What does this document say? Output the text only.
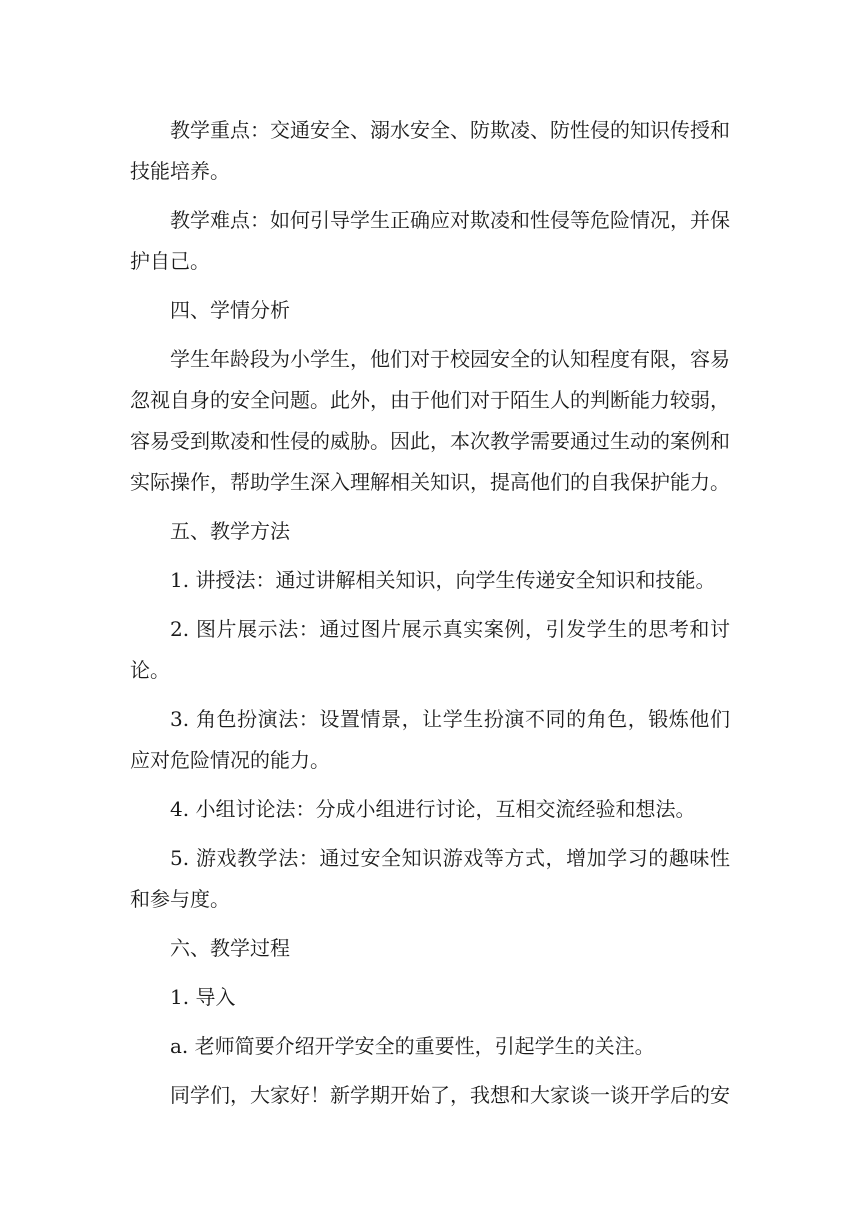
教学重点：交通安全、溺水安全、防欺凌、防性侵的知识传授和技能培养。

教学难点：如何引导学生正确应对欺凌和性侵等危险情况，并保护自己。

四、学情分析

学生年龄段为小学生，他们对于校园安全的认知程度有限，容易忽视自身的安全问题。此外，由于他们对于陌生人的判断能力较弱，容易受到欺凌和性侵的威胁。因此，本次教学需要通过生动的案例和实际操作，帮助学生深入理解相关知识，提高他们的自我保护能力。

五、教学方法

1. 讲授法：通过讲解相关知识，向学生传递安全知识和技能。

2. 图片展示法：通过图片展示真实案例，引发学生的思考和讨论。

3. 角色扮演法：设置情景，让学生扮演不同的角色，锻炼他们应对危险情况的能力。

4. 小组讨论法：分成小组进行讨论，互相交流经验和想法。

5. 游戏教学法：通过安全知识游戏等方式，增加学习的趣味性和参与度。

六、教学过程

1. 导入

a. 老师简要介绍开学安全的重要性，引起学生的关注。

同学们，大家好！新学期开始了，我想和大家谈一谈开学后的安
